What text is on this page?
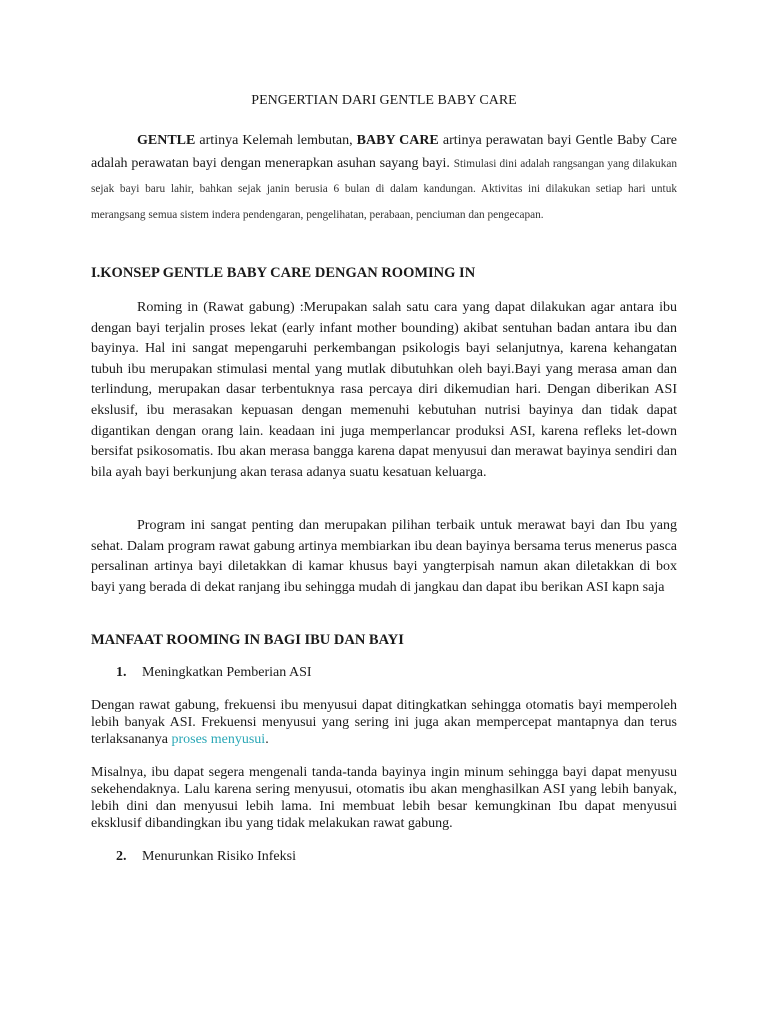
PENGERTIAN DARI GENTLE BABY CARE

GENTLE artinya Kelemah lembutan, BABY CARE artinya perawatan bayi Gentle Baby Care adalah perawatan bayi dengan menerapkan asuhan sayang bayi. Stimulasi dini adalah rangsangan yang dilakukan sejak bayi baru lahir, bahkan sejak janin berusia 6 bulan di dalam kandungan. Aktivitas ini dilakukan setiap hari untuk merangsang semua sistem indera pendengaran, pengelihatan, perabaan, penciuman dan pengecapan.

I.KONSEP GENTLE BABY CARE DENGAN ROOMING IN

Roming in (Rawat gabung) :Merupakan salah satu cara yang dapat dilakukan agar antara ibu dengan bayi terjalin proses lekat (early infant mother bounding) akibat sentuhan badan antara ibu dan bayinya. Hal ini sangat mepengaruhi perkembangan psikologis bayi selanjutnya, karena kehangatan tubuh ibu merupakan stimulasi mental yang mutlak dibutuhkan oleh bayi.Bayi yang merasa aman dan terlindung, merupakan dasar terbentuknya rasa percaya diri dikemudian hari. Dengan diberikan ASI ekslusif, ibu merasakan kepuasan dengan memenuhi kebutuhan nutrisi bayinya dan tidak dapat digantikan dengan orang lain. keadaan ini juga memperlancar produksi ASI, karena refleks let-down bersifat psikosomatis. Ibu akan merasa bangga karena dapat menyusui dan merawat bayinya sendiri dan bila ayah bayi berkunjung akan terasa adanya suatu kesatuan keluarga.

Program ini sangat penting dan merupakan pilihan terbaik untuk merawat bayi dan Ibu yang sehat. Dalam program rawat gabung artinya membiarkan ibu dean bayinya bersama terus menerus pasca persalinan artinya bayi diletakkan di kamar khusus bayi yangterpisah namun akan diletakkan di box bayi yang berada di dekat ranjang ibu sehingga mudah di jangkau dan dapat ibu berikan ASI kapn saja

MANFAAT ROOMING IN BAGI IBU DAN BAYI

1. Meningkatkan Pemberian ASI

Dengan rawat gabung, frekuensi ibu menyusui dapat ditingkatkan sehingga otomatis bayi memperoleh lebih banyak ASI. Frekuensi menyusui yang sering ini juga akan mempercepat mantapnya dan terus terlaksananya proses menyusui.

Misalnya, ibu dapat segera mengenali tanda-tanda bayinya ingin minum sehingga bayi dapat menyusu sekehendaknya. Lalu karena sering menyusui, otomatis ibu akan menghasilkan ASI yang lebih banyak, lebih dini dan menyusui lebih lama. Ini membuat lebih besar kemungkinan Ibu dapat menyusui eksklusif dibandingkan ibu yang tidak melakukan rawat gabung.

2. Menurunkan Risiko Infeksi
